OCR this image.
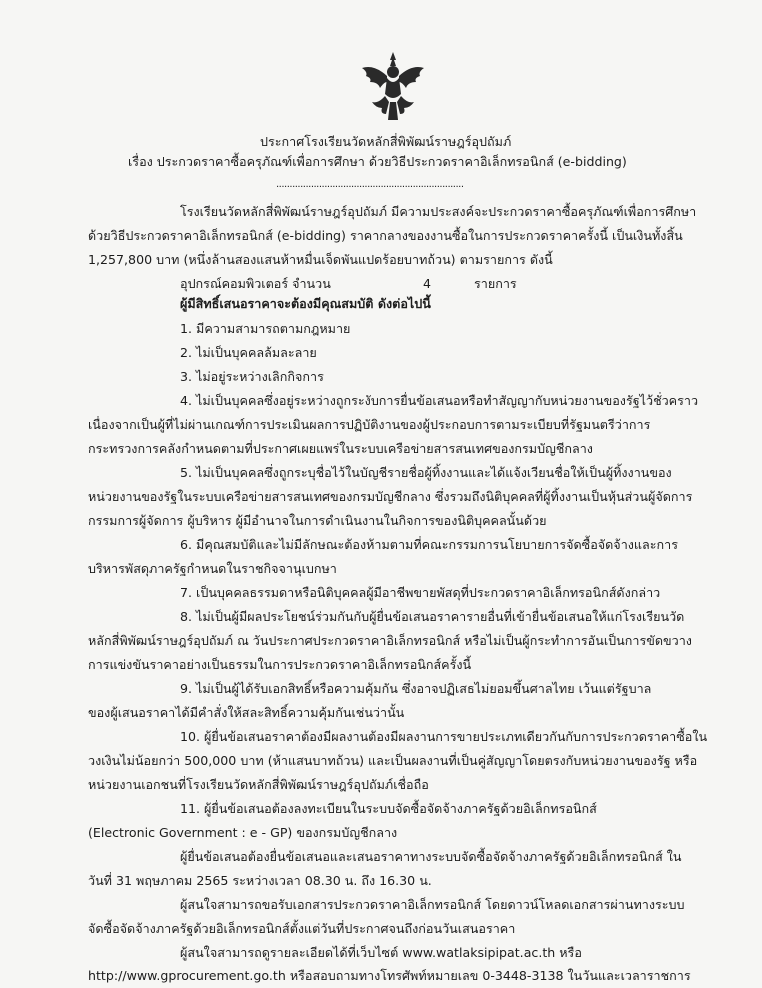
ประกาศโรงเรียนวัดหลักสี่พิพัฒน์ราษฎร์อุปถัมภ์
เรื่อง ประกวดราคาซื้อครุภัณฑ์เพื่อการศึกษา ด้วยวิธีประกวดราคาอิเล็กทรอนิกส์ (e-bidding)
......................................................................
โรงเรียนวัดหลักสี่พิพัฒน์ราษฎร์อุปถัมภ์ มีความประสงค์จะประกวดราคาซื้อครุภัณฑ์เพื่อการศึกษา
ด้วยวิธีประกวดราคาอิเล็กทรอนิกส์ (e-bidding) ราคากลางของงานซื้อในการประกวดราคาครั้งนี้ เป็นเงินทั้งสิ้น
1,257,800 บาท (หนึ่งล้านสองแสนห้าหมื่นเจ็ดพันแปดร้อยบาทถ้วน) ตามรายการ ดังนี้
อุปกรณ์คอมพิวเตอร์ จำนวน	4	รายการ
ผู้มีสิทธิ์เสนอราคาจะต้องมีคุณสมบัติ ดังต่อไปนี้
1. มีความสามารถตามกฎหมาย
2. ไม่เป็นบุคคลล้มละลาย
3. ไม่อยู่ระหว่างเลิกกิจการ
4. ไม่เป็นบุคคลซึ่งอยู่ระหว่างถูกระงับการยื่นข้อเสนอหรือทำสัญญากับหน่วยงานของรัฐไว้ชั่วคราว
เนื่องจากเป็นผู้ที่ไม่ผ่านเกณฑ์การประเมินผลการปฏิบัติงานของผู้ประกอบการตามระเบียบที่รัฐมนตรีว่าการ
กระทรวงการคลังกำหนดตามที่ประกาศเผยแพร่ในระบบเครือข่ายสารสนเทศของกรมบัญชีกลาง
5. ไม่เป็นบุคคลซึ่งถูกระบุชื่อไว้ในบัญชีรายชื่อผู้ทิ้งงานและได้แจ้งเวียนชื่อให้เป็นผู้ทิ้งงานของ
หน่วยงานของรัฐในระบบเครือข่ายสารสนเทศของกรมบัญชีกลาง ซึ่งรวมถึงนิติบุคคลที่ผู้ทิ้งงานเป็นหุ้นส่วนผู้จัดการ
กรรมการผู้จัดการ ผู้บริหาร ผู้มีอำนาจในการดำเนินงานในกิจการของนิติบุคคลนั้นด้วย
6. มีคุณสมบัติและไม่มีลักษณะต้องห้ามตามที่คณะกรรมการนโยบายการจัดซื้อจัดจ้างและการ
บริหารพัสดุภาครัฐกำหนดในราชกิจจานุเบกษา
7. เป็นบุคคลธรรมดาหรือนิติบุคคลผู้มีอาชีพขายพัสดุที่ประกวดราคาอิเล็กทรอนิกส์ดังกล่าว
8. ไม่เป็นผู้มีผลประโยชน์ร่วมกันกับผู้ยื่นข้อเสนอราคารายอื่นที่เข้ายื่นข้อเสนอให้แก่โรงเรียนวัด
หลักสี่พิพัฒน์ราษฎร์อุปถัมภ์ ณ วันประกาศประกวดราคาอิเล็กทรอนิกส์ หรือไม่เป็นผู้กระทำการอันเป็นการขัดขวาง
การแข่งขันราคาอย่างเป็นธรรมในการประกวดราคาอิเล็กทรอนิกส์ครั้งนี้
9. ไม่เป็นผู้ได้รับเอกสิทธิ์หรือความคุ้มกัน ซึ่งอาจปฏิเสธไม่ยอมขึ้นศาลไทย เว้นแต่รัฐบาล
ของผู้เสนอราคาได้มีคำสั่งให้สละสิทธิ์ความคุ้มกันเช่นว่านั้น
10. ผู้ยื่นข้อเสนอราคาต้องมีผลงานต้องมีผลงานการขายประเภทเดียวกันกับการประกวดราคาซื้อใน
วงเงินไม่น้อยกว่า 500,000 บาท (ห้าแสนบาทถ้วน) และเป็นผลงานที่เป็นคู่สัญญาโดยตรงกับหน่วยงานของรัฐ หรือ
หน่วยงานเอกชนที่โรงเรียนวัดหลักสี่พิพัฒน์ราษฎร์อุปถัมภ์เชื่อถือ
11. ผู้ยื่นข้อเสนอต้องลงทะเบียนในระบบจัดซื้อจัดจ้างภาครัฐด้วยอิเล็กทรอนิกส์
(Electronic Government : e - GP) ของกรมบัญชีกลาง
ผู้ยื่นข้อเสนอต้องยื่นข้อเสนอและเสนอราคาทางระบบจัดซื้อจัดจ้างภาครัฐด้วยอิเล็กทรอนิกส์ ใน
วันที่ 31 พฤษภาคม 2565 ระหว่างเวลา 08.30 น. ถึง 16.30 น.
ผู้สนใจสามารถขอรับเอกสารประกวดราคาอิเล็กทรอนิกส์ โดยดาวน์โหลดเอกสารผ่านทางระบบ
จัดซื้อจัดจ้างภาครัฐด้วยอิเล็กทรอนิกส์ตั้งแต่วันที่ประกาศจนถึงก่อนวันเสนอราคา
ผู้สนใจสามารถดูรายละเอียดได้ที่เว็บไซต์ www.watlaksipipat.ac.th หรือ
http://www.gprocurement.go.th หรือสอบถามทางโทรศัพท์หมายเลข 0-3448-3138 ในวันและเวลาราชการ
